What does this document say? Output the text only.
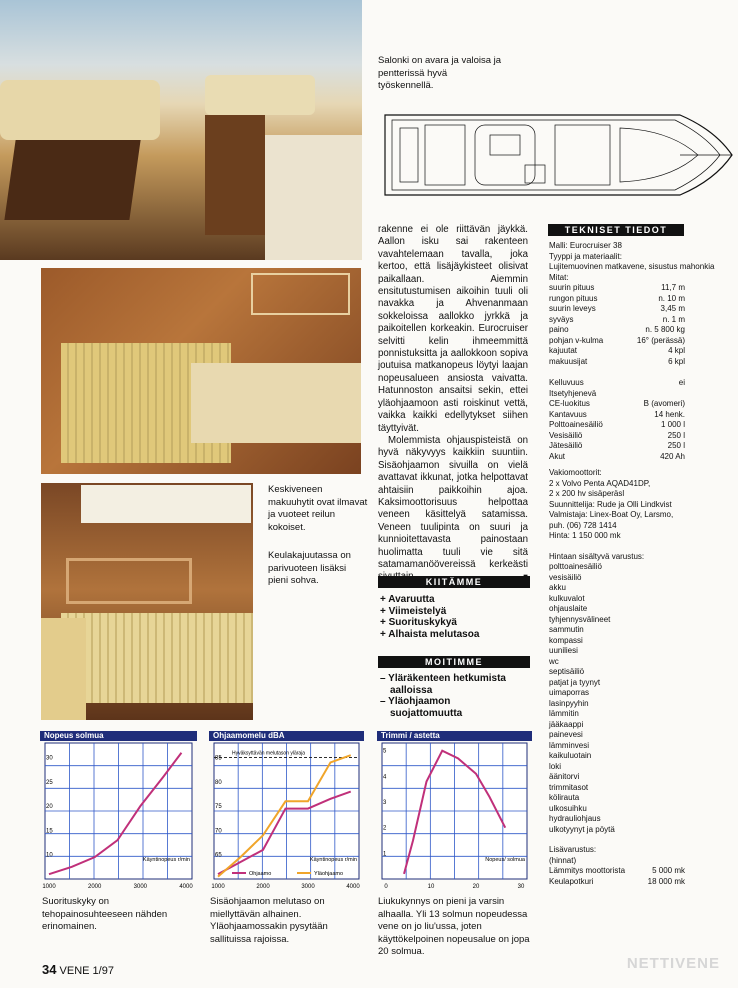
Salonki on avara ja valoisa ja pentterissä hyvä työskennellä.
Keskiveneen makuuhytit ovat ilmavat ja vuoteet reilun kokoiset.
Keulakajuutassa on parivuoteen lisäksi pieni sohva.

rakenne ei ole riittävän jäykkä. Aallon isku sai rakenteen vavahtelemaan tavalla, joka kertoo, että lisäjäykisteet olisivat paikallaan. Aiemmin ensitutustumisen aikoihin tuuli oli navakka ja Ahvenanmaan sokkeloissa aallokko jyrkkä ja paikoitellen korkeakin. Eurocruiser selvitti kelin ihmeemmittä ponnistuksitta ja aallokkoon sopiva joutuisa matkanopeus löytyi laajan nopeusalueen ansiosta vaivatta. Hatunnoston ansaitsi sekin, ettei yläohjaamoon asti roiskinut vettä, vaikka kaikki edellytykset siihen täyttyivät.

Molemmista ohjauspisteistä on hyvä näkyvyys kaikkiin suuntiin. Sisäohjaamon sivuilla on vielä avattavat ikkunat, jotka helpottavat ahtaisiin paikkoihin ajoa. Kaksimoottorisuus helpottaa veneen käsittelyä satamissa. Veneen tuulipinta on suuri ja kunnioitettavasta painostaan huolimatta tuuli vie sitä satamamanöövereissä kerkeästi

KIITÄMME
+ Avaruutta
+ Viimeistelyä
+ Suorituskykyä
+ Alhaista melutasoa
MOITIMME
– Yläräkenteen hetkumista
aalloissa
– Yläohjaamon
suojattomuutta
TEKNISET TIEDOT
Malli: Eurocruiser 38
Tyyppi ja materiaalit:
Lujitemuovinen matkavene, sisustus mahonkia
Mitat:
suurin pituus	11,7 m
rungon pituus	n. 10 m
suurin leveys	3,45 m
syväys	n. 1 m
paino	n. 5 800 kg
pohjan v-kulma	16° (perässä)
kajuutat	4 kpl
makuusijat	6 kpl
Kelluvuus	ei
Itsetyhjenevä
CE-luokitus	B (avomeri)
Kantavuus	14 henk.
Polttoainesäiliö	1 000 l
Vesisäiliö	250 l
Jätesäiliö	250 l
Akut	420 Ah
Vakiomoottorit:
2 x Volvo Penta AQAD41DP,
2 x 200 hv sisäperäsl
Suunnittelija: Rude ja Olli Lindkvist
Valmistaja: Linex-Boat Oy, Larsmo,
puh. (06) 728 1414
Hinta: 1 150 000 mk
Hintaan sisältyvä varustus:
polttoainesäiliö
vesisäiliö
akku
kulkuvalot
ohjauslaite
tyhjennysvälineet
sammutin
kompassi
uuniliesi
wc
septisäiliö
patjat ja tyynyt
uimaporras
lasinpyyhin
lämmitin
jääkaappi
painevesi
lämminvesi
kaikuluotain
loki
äänitorvi
trimmitasot
kölirauta
ulkosuihku
hydrauliohjaus
ulkotyynyt ja pöytä
Lisävarustus:
(hinnat)
Lämmitys moottorista	5 000 mk
Keulapotkuri	18 000 mk
Nopeus solmua
1000	2000	3000	4000
10
15
20
25
30
Käyntinopeus r/min
Ohjaamomelu dBA
1000	2000	3000	4000
65
70
75
80
85
Käyntinopeus r/min
Hyväksyttävän melutason yläraja
Ohjaamo	Yläohjaamo
Trimmi / astetta
0	10	20	30
1
2
3
4
5
Nopeus/ solmua
Suorituskyky on tehopainosuhteeseen nähden erinomainen.
Sisäohjaamon melutaso on miellyttävän alhainen. Yläohjaamossakin pysytään sallituissa rajoissa.
Liukukynnys on pieni ja varsin alhaalla. Yli 13 solmun nopeudessa vene on jo liu'ussa, joten käyttökelpoinen nopeusalue on jopa 20 solmua.
34 VENE 1/97	NETTIVENE
